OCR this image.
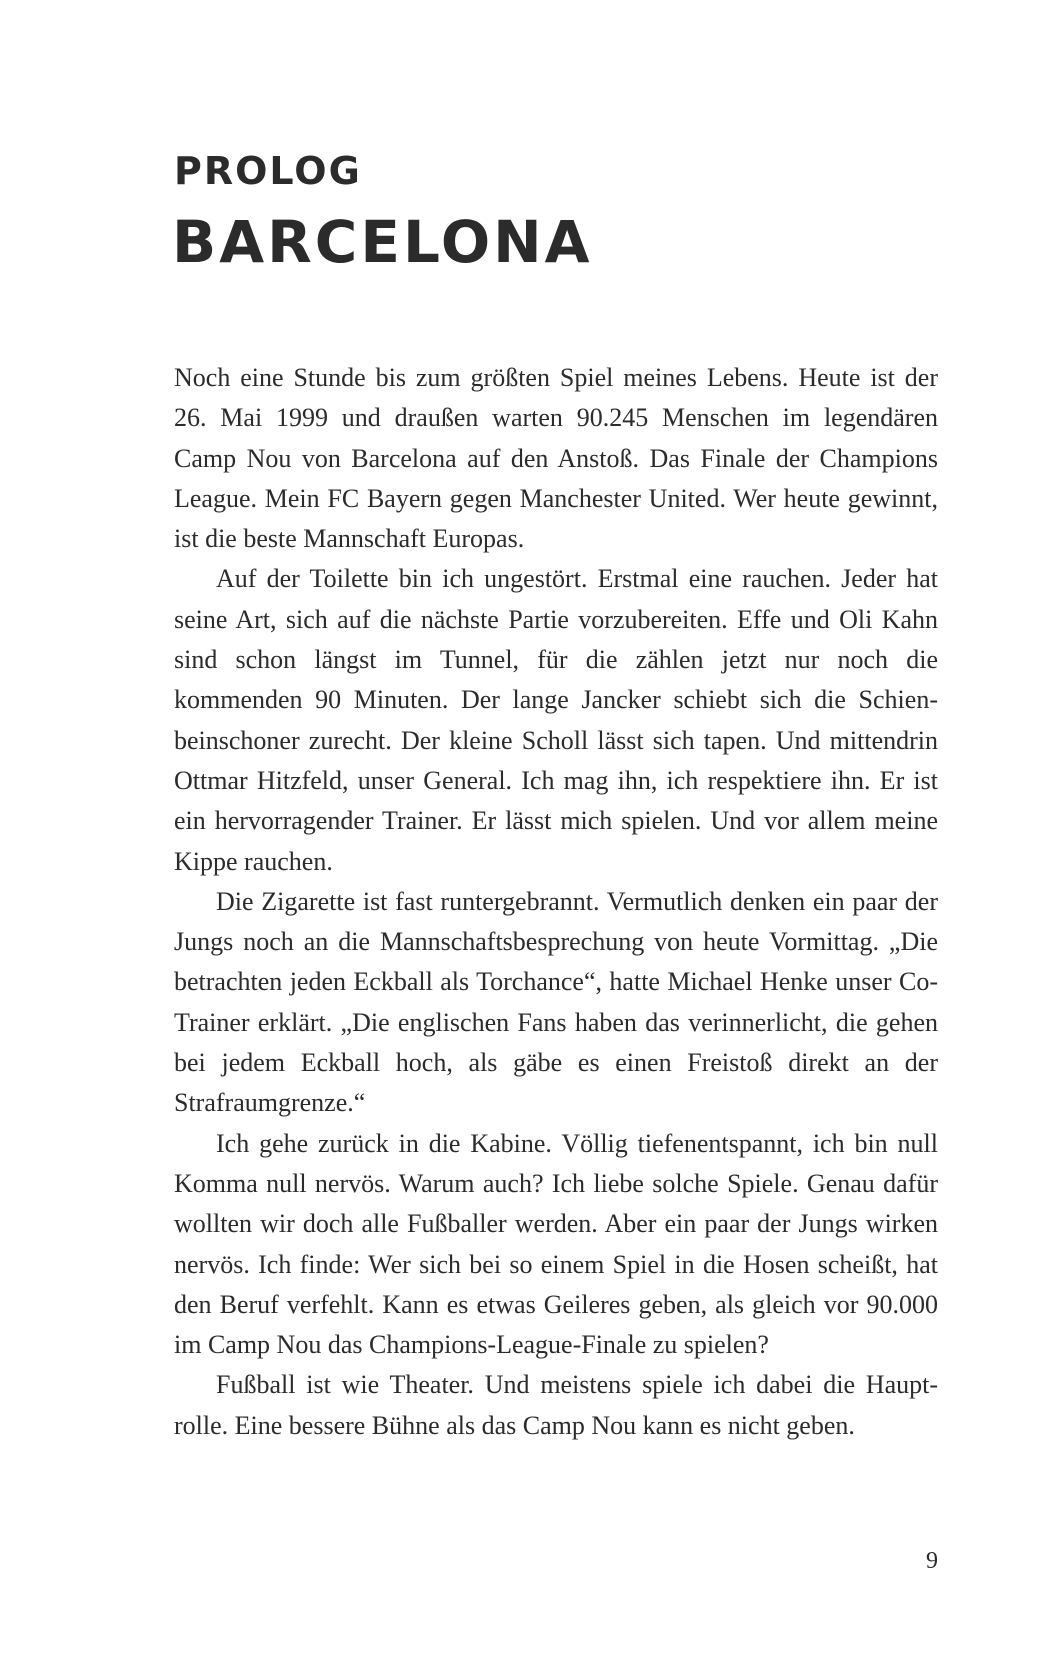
PROLOG
BARCELONA

Noch eine Stunde bis zum größten Spiel meines Lebens. Heute ist der 26. Mai 1999 und draußen warten 90.245 Menschen im legendären Camp Nou von Barcelona auf den Anstoß. Das Finale der Champions League. Mein FC Bayern gegen Manchester United. Wer heute gewinnt, ist die beste Mannschaft Europas.

Auf der Toilette bin ich ungestört. Erstmal eine rauchen. Jeder hat seine Art, sich auf die nächste Partie vorzubereiten. Effe und Oli Kahn sind schon längst im Tunnel, für die zählen jetzt nur noch die kommenden 90 Minuten. Der lange Jancker schiebt sich die Schienbeinschoner zurecht. Der kleine Scholl lässt sich tapen. Und mittendrin Ottmar Hitzfeld, unser General. Ich mag ihn, ich respektiere ihn. Er ist ein hervorragender Trainer. Er lässt mich spielen. Und vor allem meine Kippe rauchen.

Die Zigarette ist fast runtergebrannt. Vermutlich denken ein paar der Jungs noch an die Mannschaftsbesprechung von heute Vormittag. „Die betrachten jeden Eckball als Torchance“, hatte Michael Henke unser Co-Trainer erklärt. „Die englischen Fans haben das verinnerlicht, die gehen bei jedem Eckball hoch, als gäbe es einen Freistoß direkt an der Strafraumgrenze.“

Ich gehe zurück in die Kabine. Völlig tiefenentspannt, ich bin null Komma null nervös. Warum auch? Ich liebe solche Spiele. Genau dafür wollten wir doch alle Fußballer werden. Aber ein paar der Jungs wirken nervös. Ich finde: Wer sich bei so einem Spiel in die Hosen scheißt, hat den Beruf verfehlt. Kann es etwas Geileres geben, als gleich vor 90.000 im Camp Nou das Champions-League-Finale zu spielen?

Fußball ist wie Theater. Und meistens spiele ich dabei die Hauptrolle. Eine bessere Bühne als das Camp Nou kann es nicht geben.

9
